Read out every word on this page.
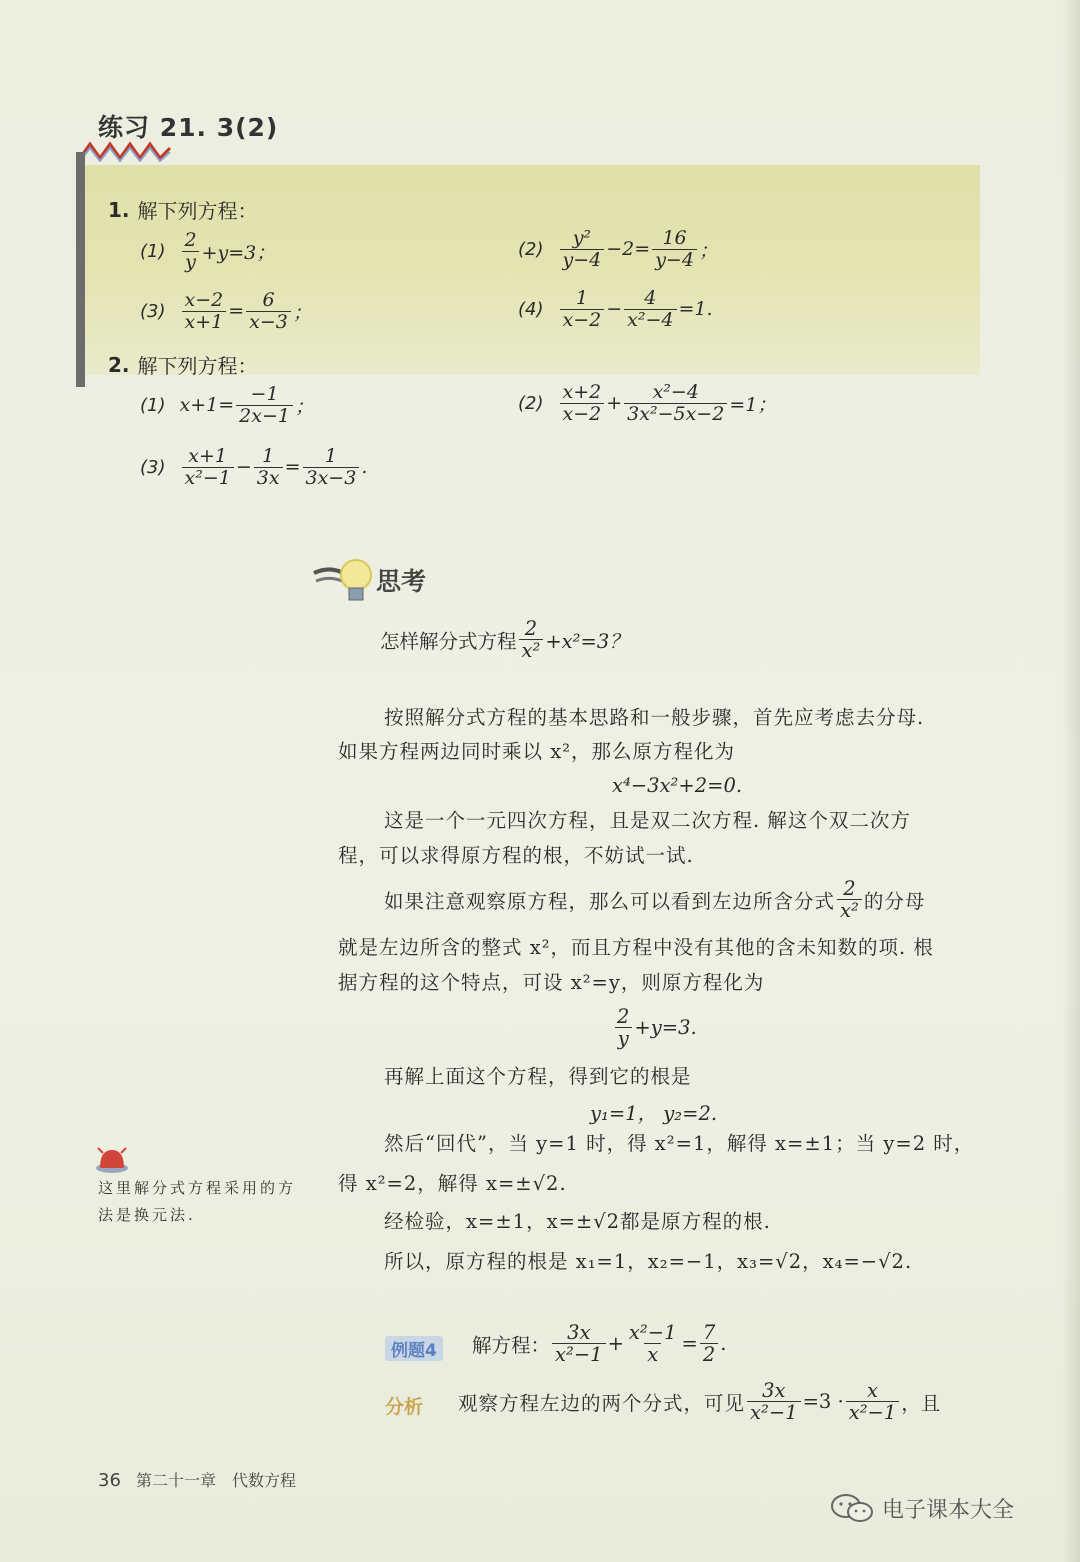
练习 21. 3(2)
1. 解下列方程：
$(1) \frac{2}{y} +y=3$；	$(2) \frac{\text{y²}}{y-4} -2= \frac{16}{y-4}$ ；
$(3) \frac{x-2}{x+1} = \frac{6}{x-3}$ ；	$(4) \frac{1}{x-2} - \frac{4}{\text{x²−4}} =1$.
2. 解下列方程：
(1) $x+1= \frac{-1}{2x-1}$ ；	$(2) \frac{x+2}{x-2} + \frac{\text{x²−4}}{\text{3x²−5x−2}} =1$；
$(3) \frac{x+1}{\text{x²−1}} - \frac{1}{3x} = \frac{1}{3x-3}$ .
思考
怎样解分式方程 $\frac{2}{\text{x²}} +x^2=3$？
按照解分式方程的基本思路和一般步骤，首先应考虑去分母.
如果方程两边同时乘以 x²，那么原方程化为
x⁴−3x²+2=0.
这是一个一元四次方程，且是双二次方程. 解这个双二次方
程，可以求得原方程的根，不妨试一试.
如果注意观察原方程，那么可以看到左边所含分式 $\frac{2}{\text{x²}}$ 的分母
就是左边所含的整式 x²，而且方程中没有其他的含未知数的项. 根
据方程的这个特点，可设 x²=y，则原方程化为
$\frac{2}{y} +y=3$.
再解上面这个方程，得到它的根是
y₁=1， y₂=2.
然后“回代”，当 y=1 时，得 x²=1，解得 x=±1；当 y=2 时，
得 x²=2，解得 x=±√2.
经检验，x=±1，x=±√2都是原方程的根.
所以，原方程的根是 x₁=1，x₂=−1，x₃=√2，x₄=−√2.
这里解分式方程采用的方法是换元法.
例题4	解方程： $\frac{3x}{\text{x²−1}} + \frac{\text{x²−1}}{x} = \frac{7}{2}$ .
分析 观察方程左边的两个分式，可见 $\frac{3x}{\text{x²−1}} =3 \cdot \frac{x}{\text{x²−1}}$ ，且
36 第二十一章　代数方程
电子课本大全
